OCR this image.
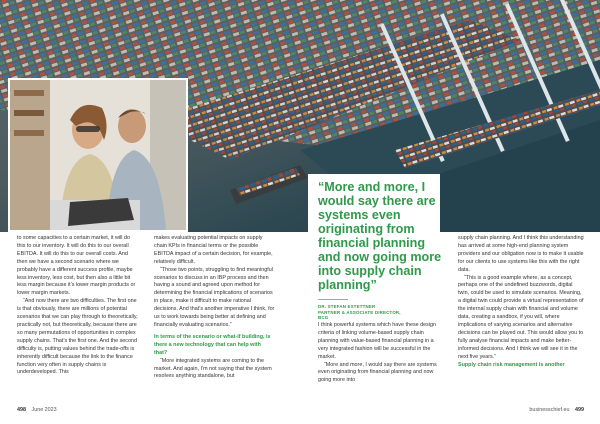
“More and more, I would say there are systems even originating from financial planning and now going more into supply chain planning”

DR. STEFAN ESTETTNER
PARTNER & ASSOCIATE DIRECTOR,
BCG

to some capacities to a certain market, it will do this to our inventory. It will do this to our overall EBITDA. It will do this to our overall costs. And then we have a second scenario where we probably have a different success profile, maybe less inventory, less cost, but then also a little bit less margin because it’s lower margin products or lower margin markets.

“And now there are two difficulties. The first one is that obviously, there are millions of potential scenarios that we can play through to theoretically, practically not, but theoretically, because there are so many permutations of opportunities in complex supply chains. That’s the first one. And the second difficulty is, putting values behind the trade-offs is inherently difficult because the link to the finance function very often in supply chains is underdeveloped. This

makes evaluating potential impacts on supply chain KPIs in financial terms or the possible EBITDA impact of a certain decision, for example, relatively difficult.

“Those two points, struggling to find meaningful scenarios to discuss in an IBP process and then having a sound and agreed upon method for determining the financial implications of scenarios in place, make it difficult to make rational decisions. And that’s another imperative I think, for us to work towards being better at defining and financially evaluating scenarios.”

In terms of the scenario or what-if building, is there a new technology that can help with that?

“More integrated systems are coming to the market. And again, I’m not saying that the system resolves anything standalone, but

I think powerful systems which have these design criteria of linking volume-based supply chain planning with value-based financial planning in a very integrated fashion will be successful in the market.

“More and more, I would say there are systems even originating from financial planning and now going more into

supply chain planning. And I think this understanding has arrived at some high-end planning system providers and our obligation now is to make it usable for our clients to use systems like this with the right data.

“This is a good example where, as a concept, perhaps one of the undefined buzzwords, digital twin, could be used to simulate scenarios. Meaning, a digital twin could provide a virtual representation of the internal supply chain with financial and volume data, creating a sandbox, if you will, where implications of varying scenarios and alternative decisions can be played out. This would allow you to fully analyse financial impacts and make better-informed decisions. And I think we will see it in the next five years.”

Supply chain risk management is another

498 June 2023	businesschief.eu 499
